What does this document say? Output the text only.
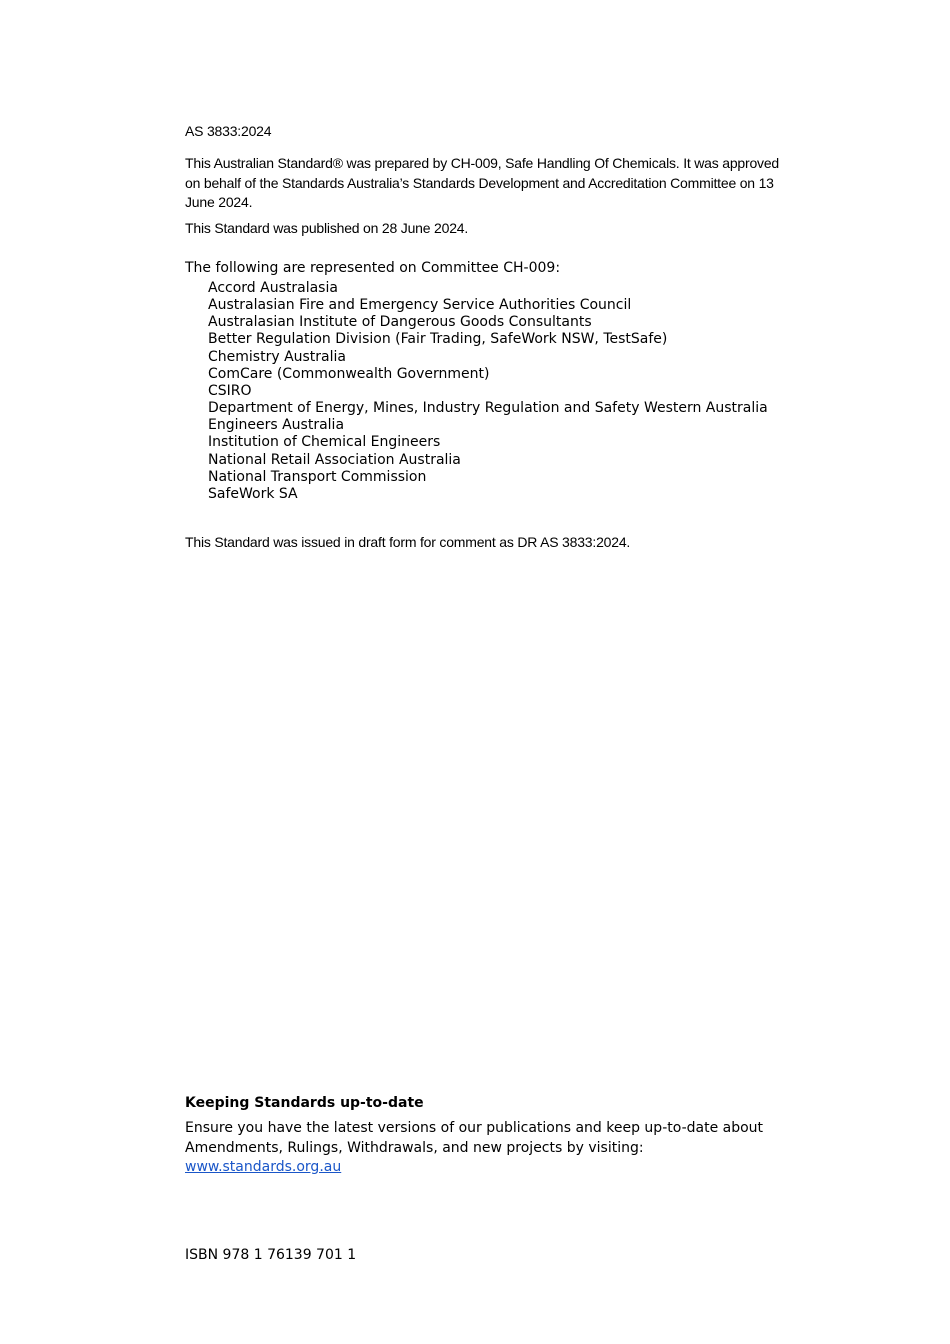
AS 3833:2024

This Australian Standard® was prepared by CH-009, Safe Handling Of Chemicals. It was approved on behalf of the Standards Australia’s Standards Development and Accreditation Committee on 13 June 2024.

This Standard was published on 28 June 2024.

The following are represented on Committee CH-009:

Accord Australasia
Australasian Fire and Emergency Service Authorities Council
Australasian Institute of Dangerous Goods Consultants
Better Regulation Division (Fair Trading, SafeWork NSW, TestSafe)
Chemistry Australia
ComCare (Commonwealth Government)
CSIRO
Department of Energy, Mines, Industry Regulation and Safety Western Australia
Engineers Australia
Institution of Chemical Engineers
National Retail Association Australia
National Transport Commission
SafeWork SA

This Standard was issued in draft form for comment as DR AS 3833:2024.

Keeping Standards up-to-date

Ensure you have the latest versions of our publications and keep up-to-date about Amendments, Rulings, Withdrawals, and new projects by visiting:

www.standards.org.au

ISBN 978 1 76139 701 1
